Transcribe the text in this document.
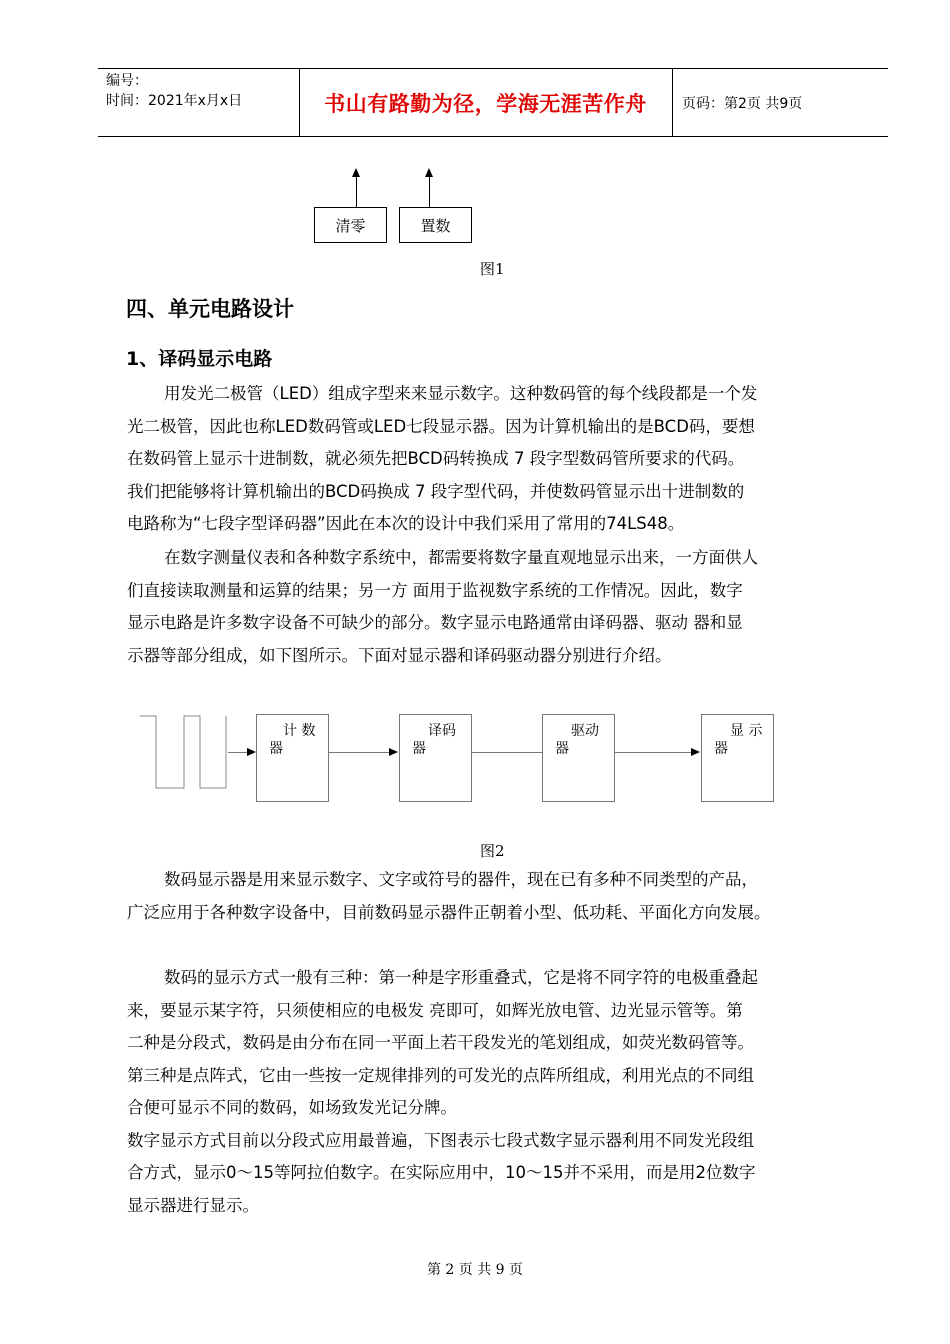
编号：
时间：2021年x月x日	书山有路勤为径，学海无涯苦作舟	页码：第2页 共9页
清零	置数
图1
四、单元电路设计
1、译码显示电路
用发光二极管（LED）组成字型来来显示数字。这种数码管的每个线段都是一个发
光二极管，因此也称LED数码管或LED七段显示器。因为计算机输出的是BCD码，要想
在数码管上显示十进制数，就必须先把BCD码转换成 7 段字型数码管所要求的代码。
我们把能够将计算机输出的BCD码换成 7 段字型代码，并使数码管显示出十进制数的
电路称为“七段字型译码器”因此在本次的设计中我们采用了常用的74LS48。
在数字测量仪表和各种数字系统中，都需要将数字量直观地显示出来，一方面供人
们直接读取测量和运算的结果；另一方 面用于监视数字系统的工作情况。因此，数字
显示电路是许多数字设备不可缺少的部分。数字显示电路通常由译码器、驱动 器和显
示器等部分组成，如下图所示。下面对显示器和译码驱动器分别进行介绍。
计 数
器
译码
器
驱动
器
显 示
器
图2
数码显示器是用来显示数字、文字或符号的器件，现在已有多种不同类型的产品，
广泛应用于各种数字设备中，目前数码显示器件正朝着小型、低功耗、平面化方向发展。
数码的显示方式一般有三种：第一种是字形重叠式，它是将不同字符的电极重叠起
来，要显示某字符，只须使相应的电极发 亮即可，如辉光放电管、边光显示管等。第
二种是分段式，数码是由分布在同一平面上若干段发光的笔划组成，如荧光数码管等。
第三种是点阵式，它由一些按一定规律排列的可发光的点阵所组成，利用光点的不同组
合便可显示不同的数码，如场致发光记分牌。
数字显示方式目前以分段式应用最普遍，下图表示七段式数字显示器利用不同发光段组
合方式，显示0～15等阿拉伯数字。在实际应用中，10～15并不采用，而是用2位数字
显示器进行显示。
第 2 页 共 9 页
